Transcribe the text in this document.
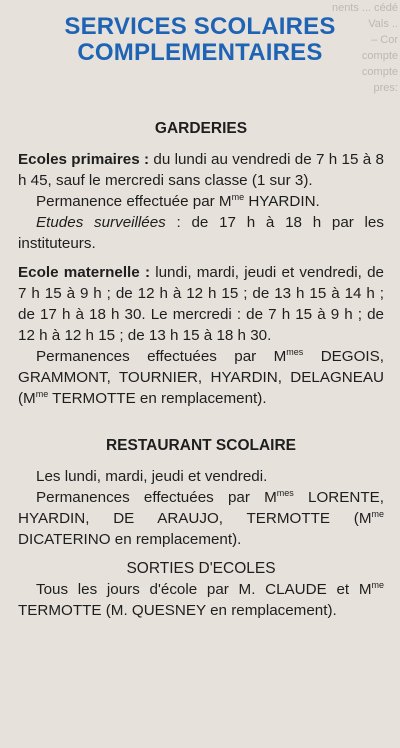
nents ... cédé
Vals ..
– Cor
compte
compte
pres:
SERVICES SCOLAIRES
COMPLEMENTAIRES
GARDERIES

Ecoles primaires : du lundi au vendredi de 7 h 15 à 8 h 45, sauf le mercredi sans classe (1 sur 3).

Permanence effectuée par $M^{me}$ HYARDIN.

Etudes surveillées : de 17 h à 18 h par les instituteurs.

Ecole maternelle : lundi, mardi, jeudi et vendredi, de 7 h 15 à 9 h ; de 12 h à 12 h 15 ; de 13 h 15 à 14 h ; de 17 h à 18 h 30. Le mercredi : de 7 h 15 à 9 h ; de 12 h à 12 h 15 ; de 13 h 15 à 18 h 30.

Permanences effectuées par $M^{mes}$ DEGOIS, GRAMMONT, TOURNIER, HYARDIN, DELAGNEAU ($M^{me}$ TERMOTTE en remplacement).

RESTAURANT SCOLAIRE

Les lundi, mardi, jeudi et vendredi.

Permanences effectuées par $M^{mes}$ LORENTE, HYARDIN, DE ARAUJO, TERMOTTE ($M^{me}$ DICATERINO en remplacement).

SORTIES D'ECOLES

Tous les jours d'école par M. CLAUDE et $M^{me}$ TERMOTTE (M. QUESNEY en remplacement).
